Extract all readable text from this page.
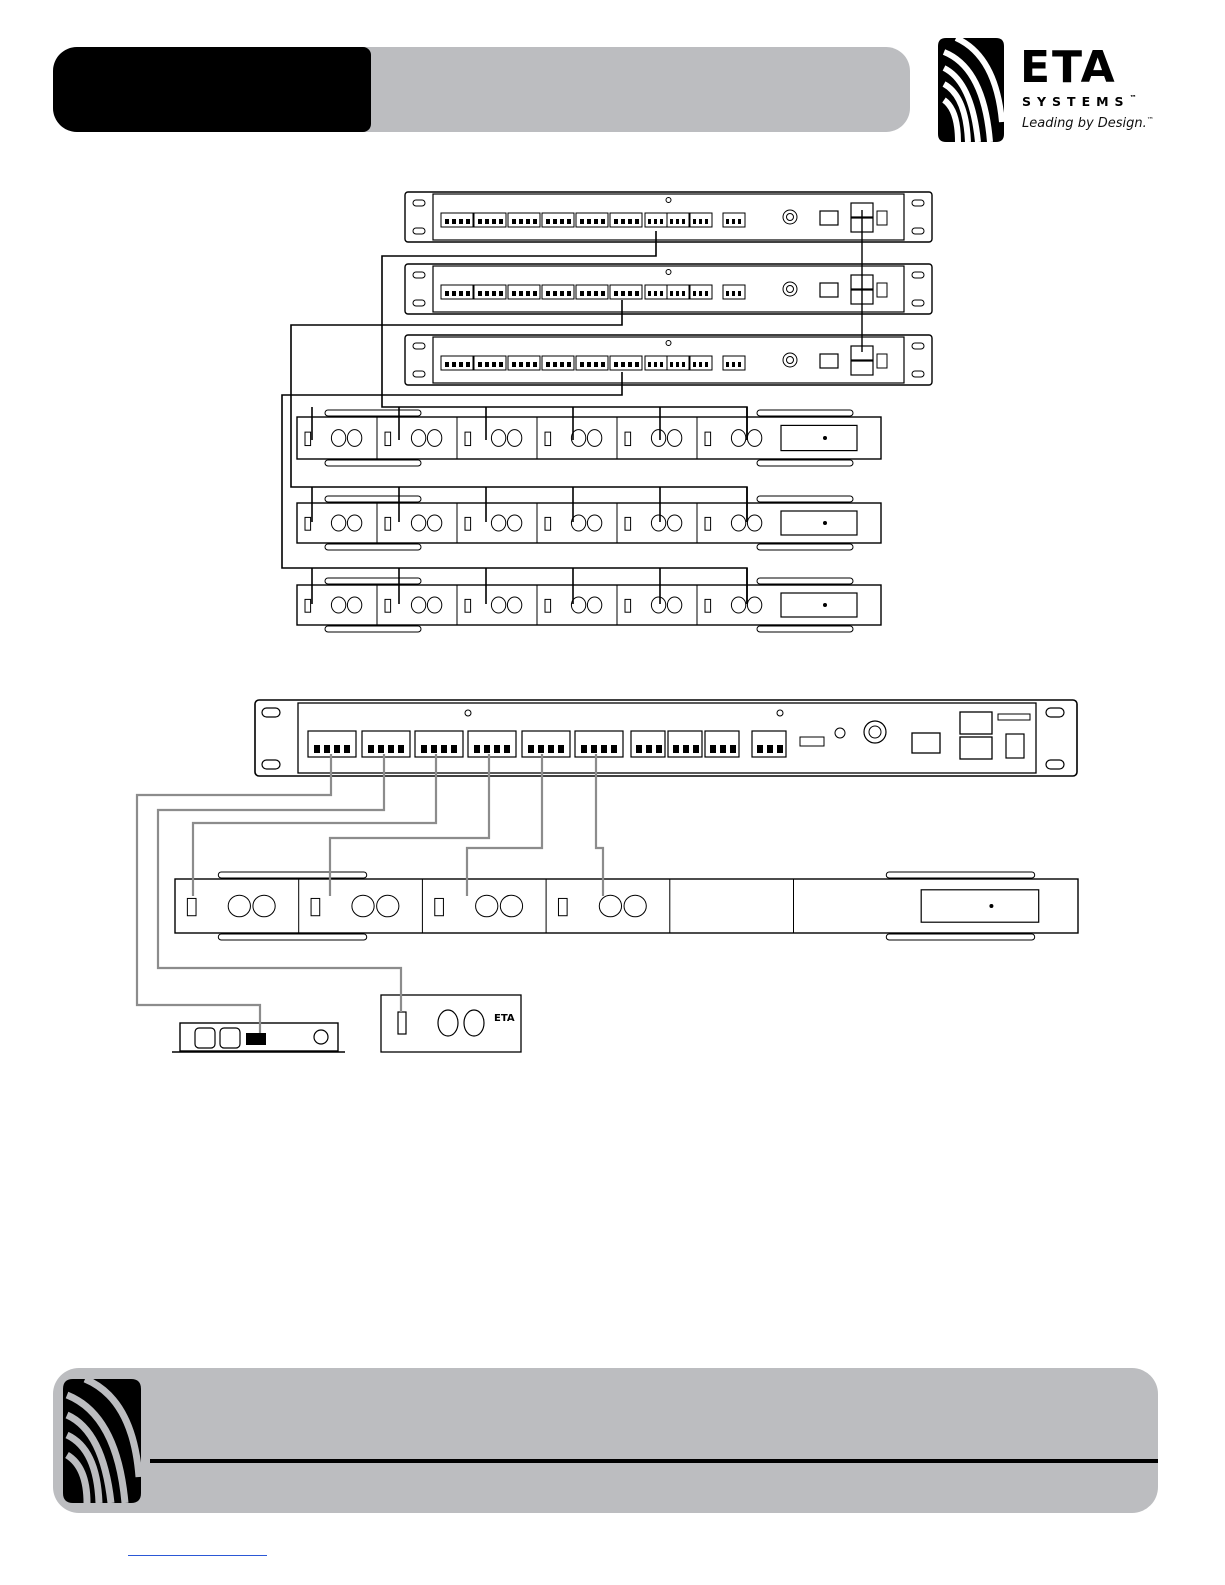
ETA
SYSTEMS™
Leading by Design.™
ETA
